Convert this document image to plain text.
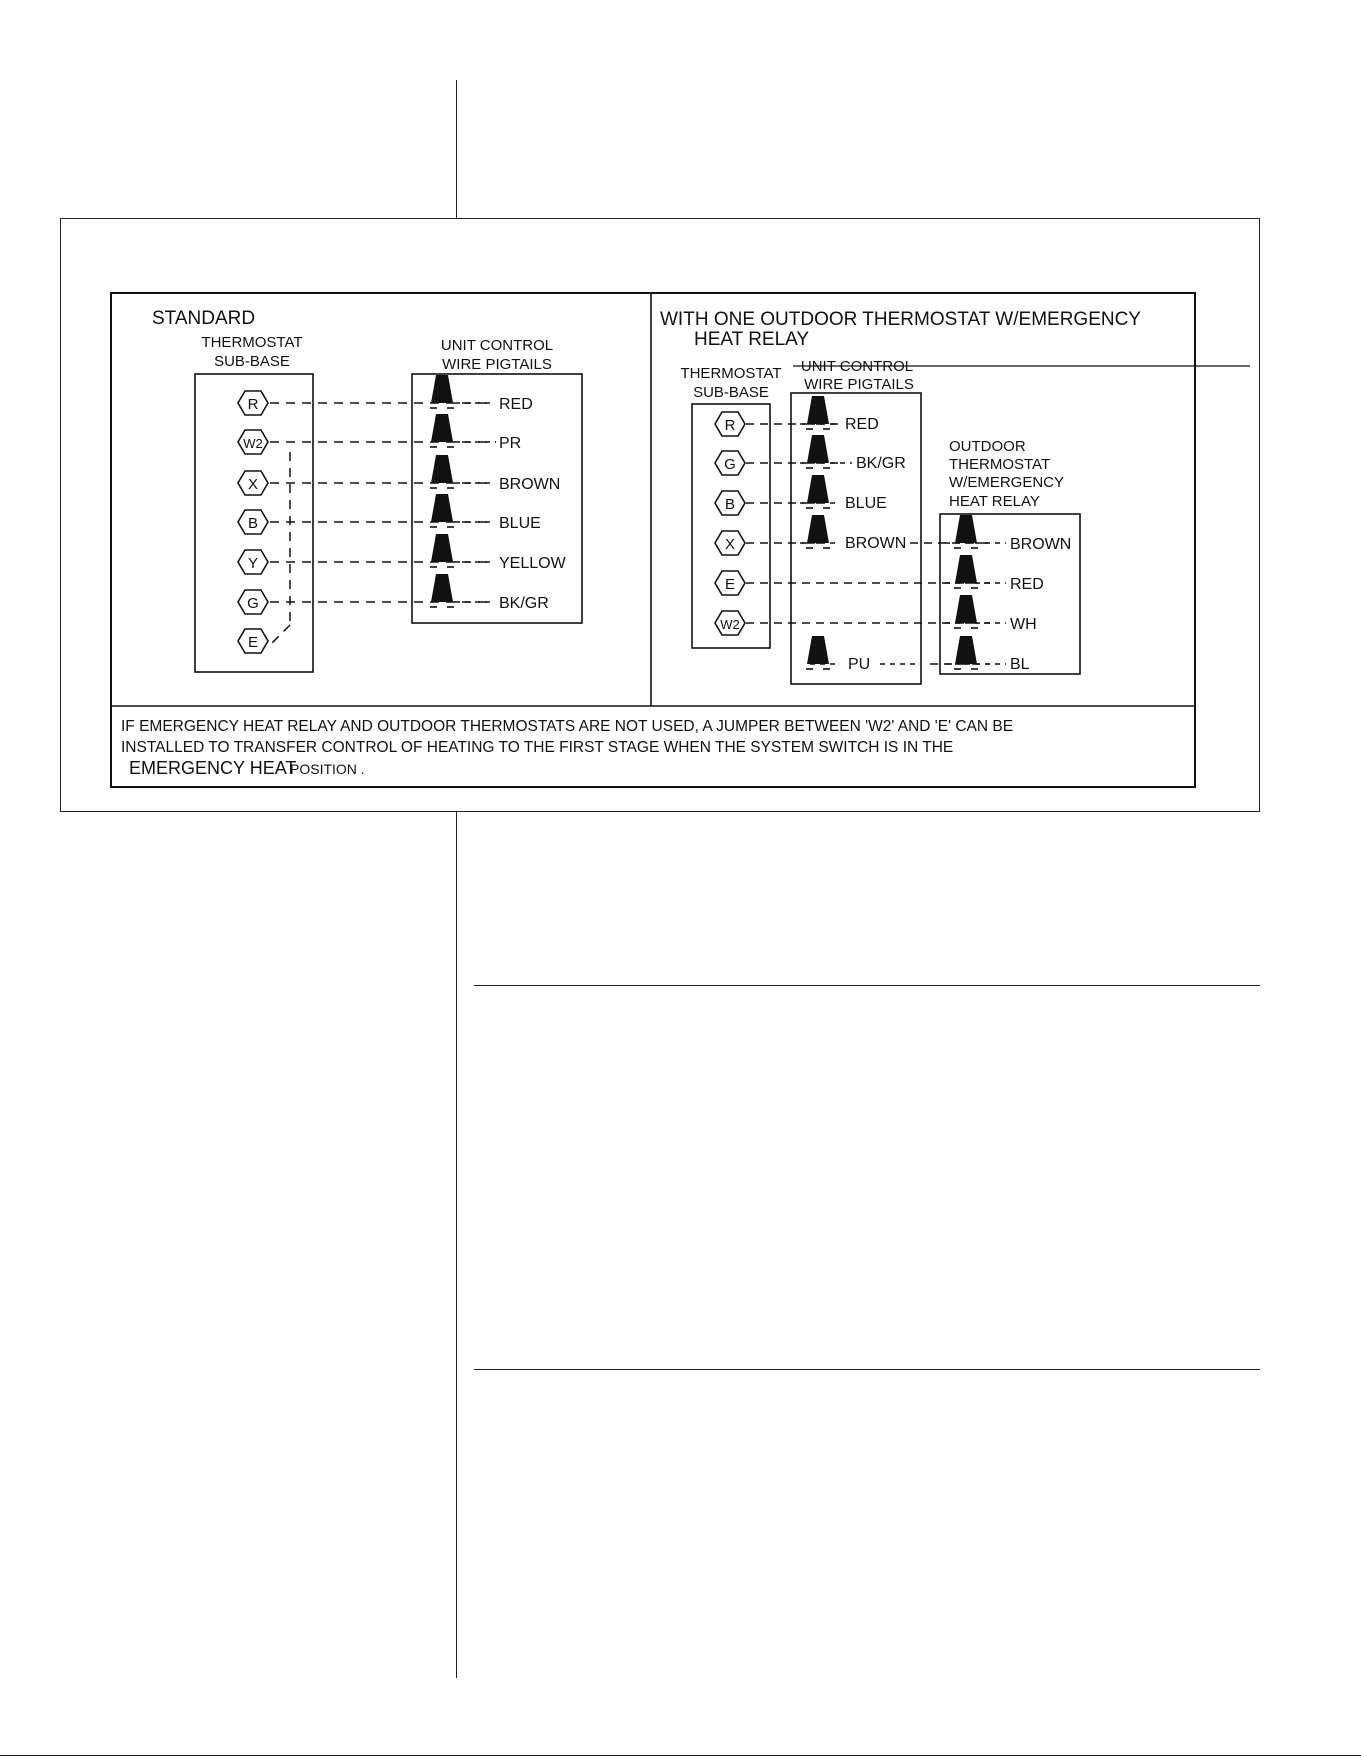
STANDARD
THERMOSTAT
SUB-BASE
UNIT CONTROL
WIRE PIGTAILS
R
W2
X
B
Y
G
E
RED
PR
BROWN
BLUE
YELLOW
BK/GR
WITH ONE OUTDOOR THERMOSTAT W/EMERGENCY
HEAT RELAY
THERMOSTAT
SUB-BASE
UNIT CONTROL
WIRE PIGTAILS
OUTDOOR
THERMOSTAT
W/EMERGENCY
HEAT RELAY
R
G
B
X
E
W2
RED
BK/GR
BLUE
BROWN
PU
BROWN
RED
WH
BL
IF EMERGENCY HEAT RELAY AND OUTDOOR THERMOSTATS ARE NOT USED, A JUMPER BETWEEN 'W2' AND 'E' CAN BE
INSTALLED TO TRANSFER CONTROL OF HEATING TO THE FIRST STAGE WHEN THE SYSTEM SWITCH IS IN THE
EMERGENCY HEAT
POSITION .
